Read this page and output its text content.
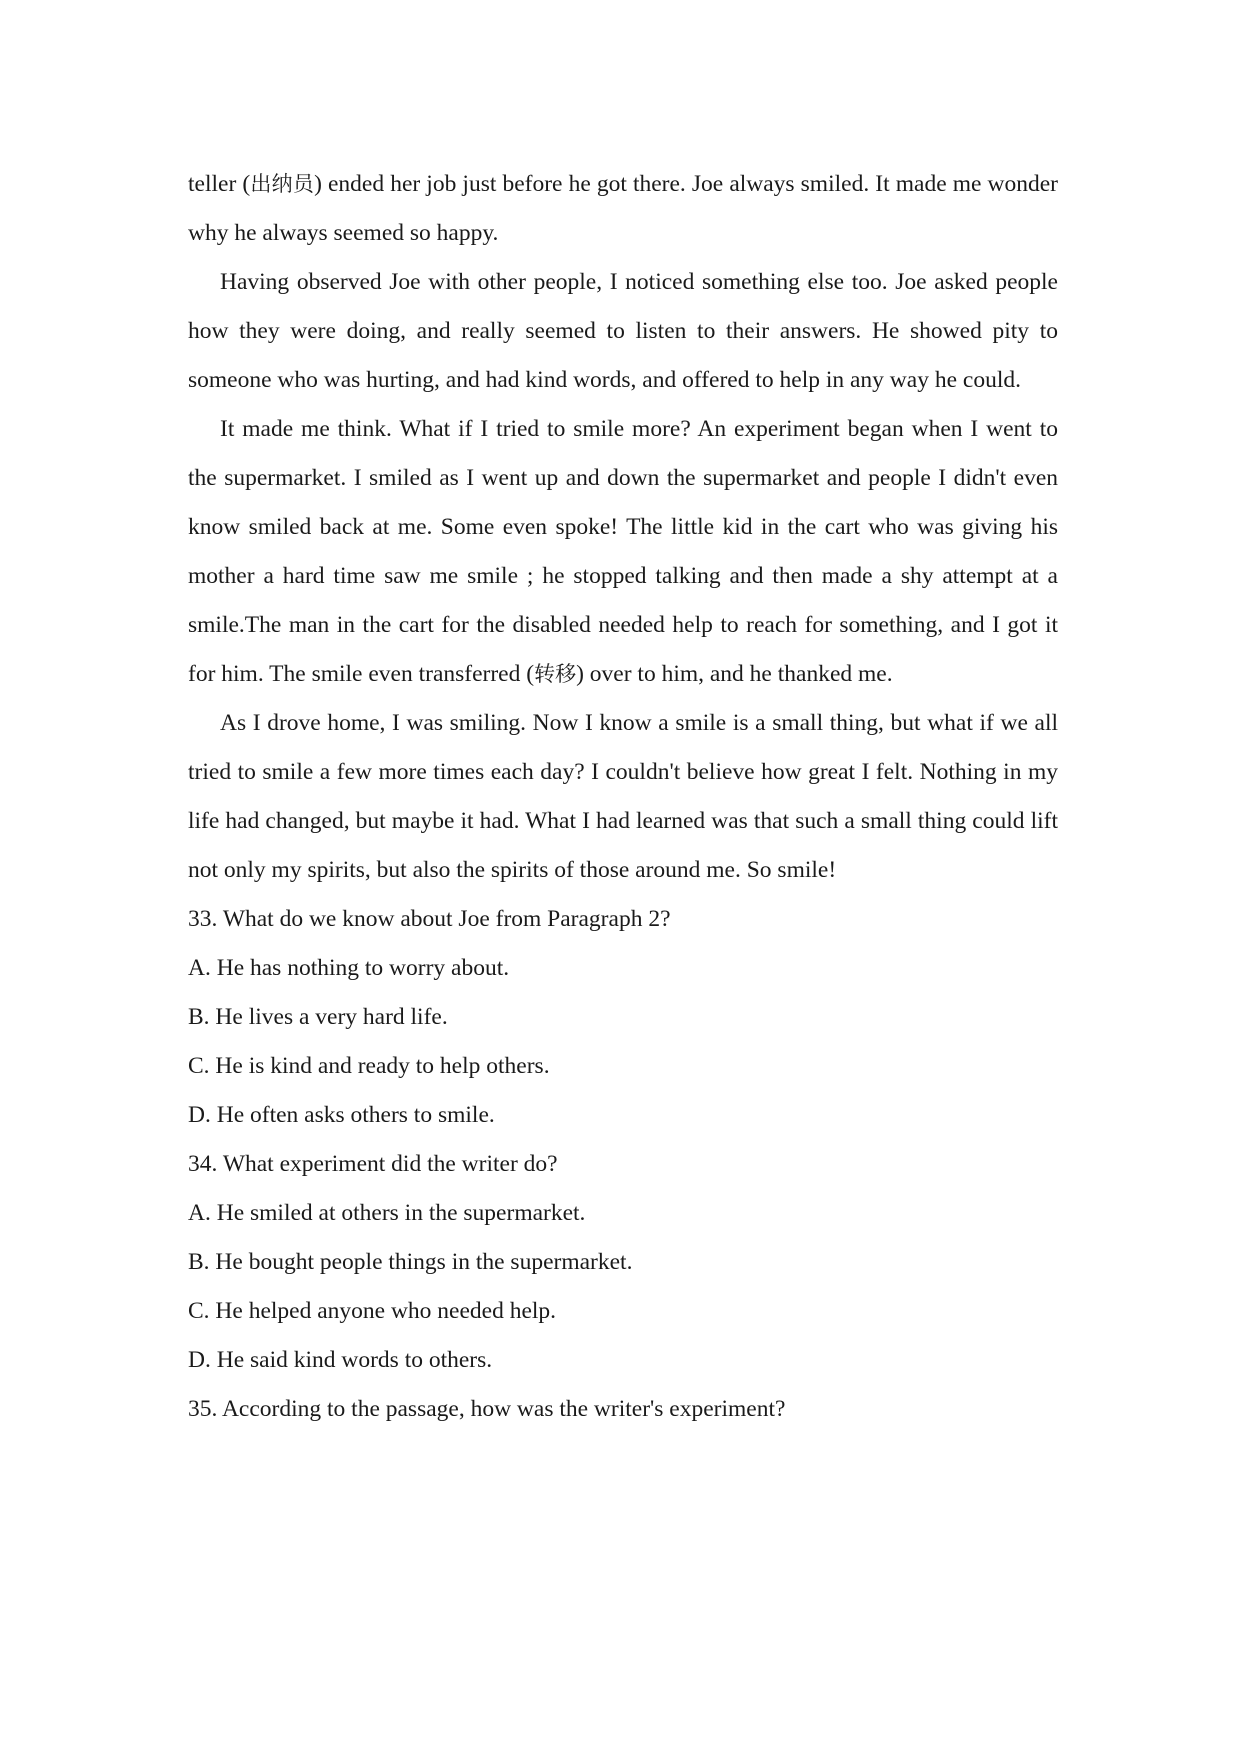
teller (出纳员) ended her job just before he got there. Joe always smiled. It made me wonder why he always seemed so happy.

Having observed Joe with other people, I noticed something else too. Joe asked people how they were doing, and really seemed to listen to their answers. He showed pity to someone who was hurting, and had kind words, and offered to help in any way he could.

It made me think. What if I tried to smile more? An experiment began when I went to the supermarket. I smiled as I went up and down the supermarket and people I didn't even know smiled back at me. Some even spoke! The little kid in the cart who was giving his mother a hard time saw me smile ; he stopped talking and then made a shy attempt at a smile.The man in the cart for the disabled needed help to reach for something, and I got it for him. The smile even transferred (转移) over to him, and he thanked me.

As I drove home, I was smiling. Now I know a smile is a small thing, but what if we all tried to smile a few more times each day? I couldn't believe how great I felt. Nothing in my life had changed, but maybe it had. What I had learned was that such a small thing could lift not only my spirits, but also the spirits of those around me. So smile!

33. What do we know about Joe from Paragraph 2?

A. He has nothing to worry about.

B. He lives a very hard life.

C. He is kind and ready to help others.

D. He often asks others to smile.

34. What experiment did the writer do?

A. He smiled at others in the supermarket.

B. He bought people things in the supermarket.

C. He helped anyone who needed help.

D. He said kind words to others.

35. According to the passage, how was the writer's experiment?
